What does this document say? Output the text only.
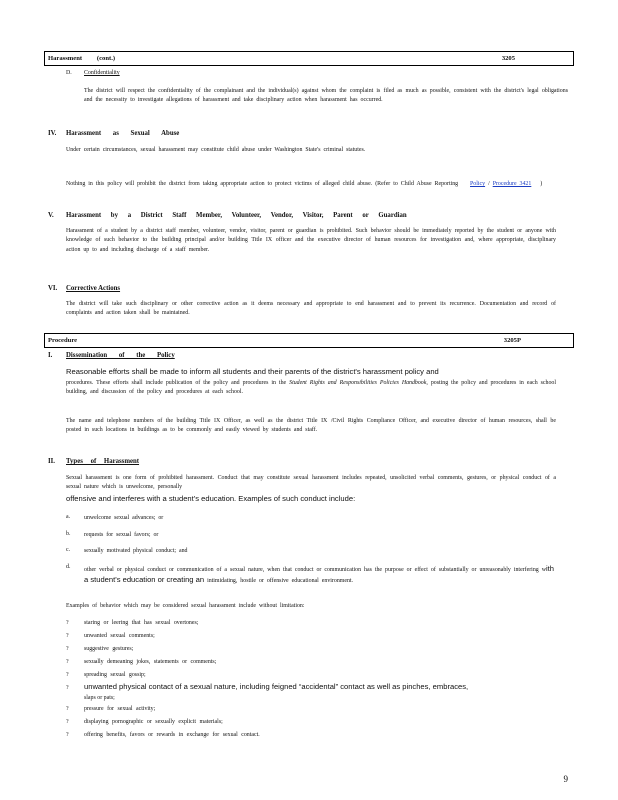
Harassment (cont.)	3205
D. Confidentiality
The district will respect the confidentiality of the complainant and the individual(s) against whom the complaint is filed as much as possible, consistent with the district's legal obligations and the necessity to investigate allegations of harassment and take disciplinary action when harassment has occurred.
IV. Harassment as Sexual Abuse
Under certain circumstances, sexual harassment may constitute child abuse under Washington State's criminal statutes.
Nothing in this policy will prohibit the district from taking appropriate action to protect victims of alleged child abuse. (Refer to Child Abuse Reporting Policy / Procedure 3421 )
V. Harassment by a District Staff Member, Volunteer, Vendor, Visitor, Parent or Guardian
Harassment of a student by a district staff member, volunteer, vendor, visitor, parent or guardian is prohibited. Such behavior should be immediately reported by the student or anyone with knowledge of such behavior to the building principal and/or building Title IX officer and the executive director of human resources for investigation and, where appropriate, disciplinary action up to and including discharge of a staff member.
VI. Corrective Actions
The district will take such disciplinary or other corrective action as it deems necessary and appropriate to end harassment and to prevent its recurrence. Documentation and record of complaints and action taken shall be maintained.
Procedure	3205P
I. Dissemination of the Policy
Reasonable efforts shall be made to inform all students and their parents of the district's harassment policy and
procedures. These efforts shall include publication of the policy and procedures in the Student Rights and Responsibilities Policies Handbook, posting the policy and procedures in each school building, and discussion of the policy and procedures at each school.
The name and telephone numbers of the building Title IX Officer, as well as the district Title IX /Civil Rights Compliance Officer, and executive director of human resources, shall be posted in such locations in buildings as to be commonly and easily viewed by students and staff.
II. Types of Harassment
Sexual harassment is one form of prohibited harassment. Conduct that may constitute sexual harassment includes repeated, unsolicited verbal comments, gestures, or physical conduct of a sexual nature which is unwelcome, personally
offensive and interferes with a student's education. Examples of such conduct include:
a. unwelcome sexual advances; or
b. requests for sexual favors; or
c. sexually motivated physical conduct; and
d. other verbal or physical conduct or communication of a sexual nature, when that conduct or communication has the purpose or effect of substantially or unreasonably interfering with a student's education or creating an intimidating, hostile or offensive educational environment.
Examples of behavior which may be considered sexual harassment include without limitation:
?	staring or leering that has sexual overtones;
?	unwanted sexual comments;
?	suggestive gestures;
?	sexually demeaning jokes, statements or comments;
?	spreading sexual gossip;
? unwanted physical contact of a sexual nature, including feigned “accidental” contact as well as pinches, embraces,
slaps or pats;
?	pressure for sexual activity;
?	displaying pornographic or sexually explicit materials;
?	offering benefits, favors or rewards in exchange for sexual contact.
9
